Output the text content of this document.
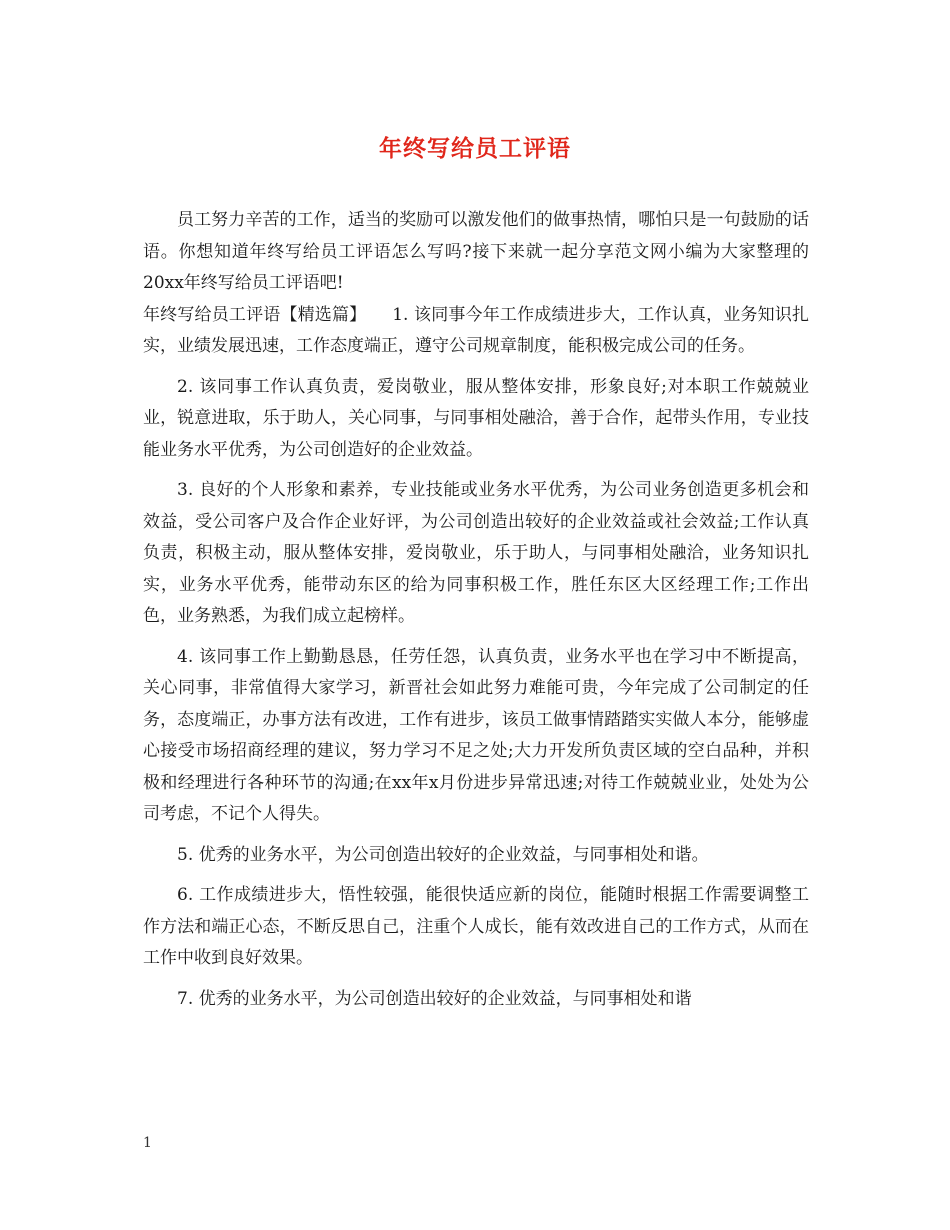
年终写给员工评语

员工努力辛苦的工作，适当的奖励可以激发他们的做事热情，哪怕只是一句鼓励的话语。你想知道年终写给员工评语怎么写吗?接下来就一起分享范文网小编为大家整理的20xx年终写给员工评语吧!

年终写给员工评语【精选篇】　　1. 该同事今年工作成绩进步大，工作认真，业务知识扎实，业绩发展迅速，工作态度端正，遵守公司规章制度，能积极完成公司的任务。

2. 该同事工作认真负责，爱岗敬业，服从整体安排，形象良好;对本职工作兢兢业业，锐意进取，乐于助人，关心同事，与同事相处融洽，善于合作，起带头作用，专业技能业务水平优秀，为公司创造好的企业效益。

3. 良好的个人形象和素养，专业技能或业务水平优秀，为公司业务创造更多机会和效益，受公司客户及合作企业好评，为公司创造出较好的企业效益或社会效益;工作认真负责，积极主动，服从整体安排，爱岗敬业，乐于助人，与同事相处融洽，业务知识扎实，业务水平优秀，能带动东区的给为同事积极工作，胜任东区大区经理工作;工作出色，业务熟悉，为我们成立起榜样。

4. 该同事工作上勤勤恳恳，任劳任怨，认真负责，业务水平也在学习中不断提高，关心同事，非常值得大家学习，新晋社会如此努力难能可贵，今年完成了公司制定的任务，态度端正，办事方法有改进，工作有进步，该员工做事情踏踏实实做人本分，能够虚心接受市场招商经理的建议，努力学习不足之处;大力开发所负责区域的空白品种，并积极和经理进行各种环节的沟通;在xx年x月份进步异常迅速;对待工作兢兢业业，处处为公司考虑，不记个人得失。

5. 优秀的业务水平，为公司创造出较好的企业效益，与同事相处和谐。

6. 工作成绩进步大，悟性较强，能很快适应新的岗位，能随时根据工作需要调整工作方法和端正心态，不断反思自己，注重个人成长，能有效改进自己的工作方式，从而在工作中收到良好效果。

7. 优秀的业务水平，为公司创造出较好的企业效益，与同事相处和谐

1
